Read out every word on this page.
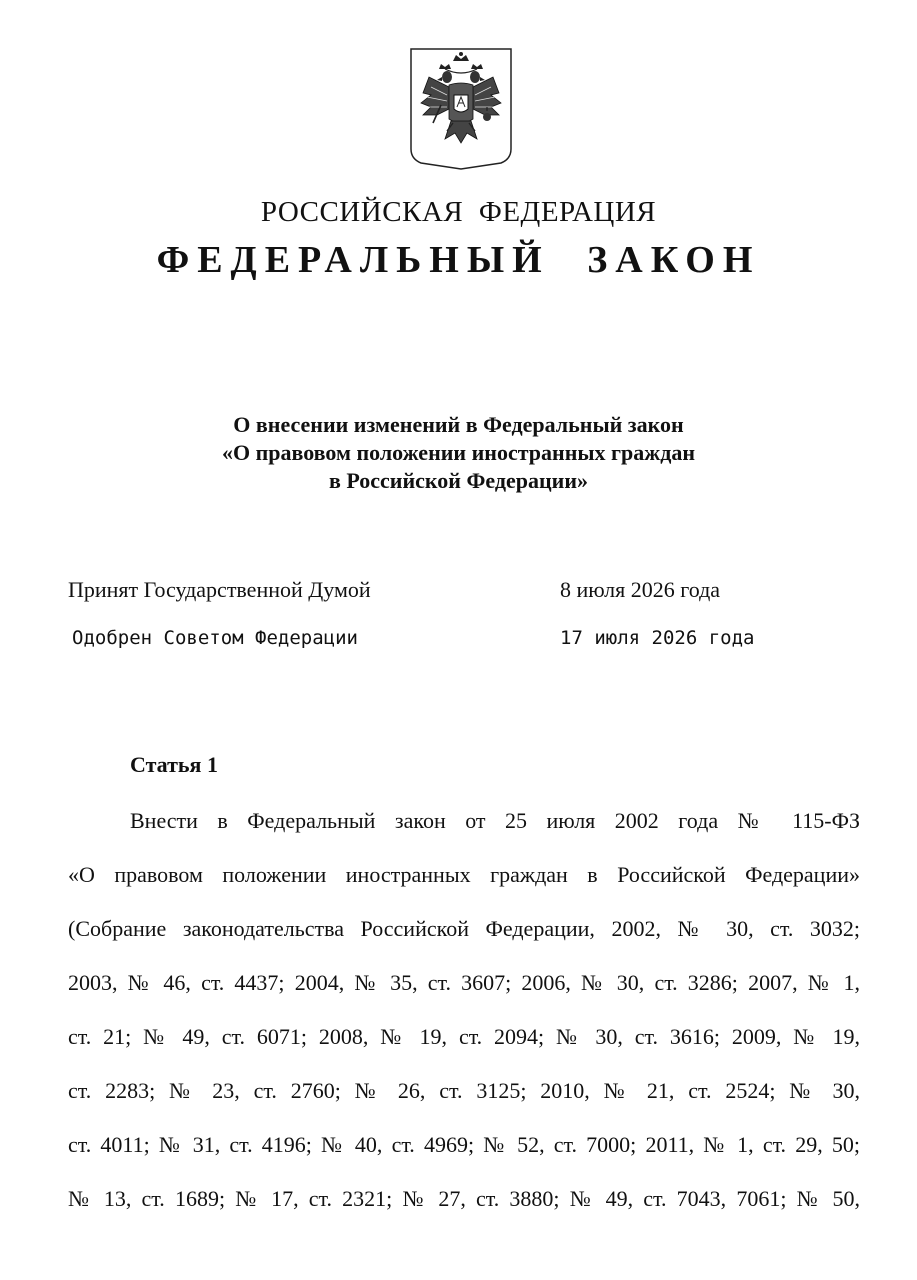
РОССИЙСКАЯ ФЕДЕРАЦИЯ
ФЕДЕРАЛЬНЫЙ ЗАКОН
О внесении изменений в Федеральный закон
«О правовом положении иностранных граждан
в Российской Федерации»
Принят Государственной Думой	8 июля 2026 года
Одобрен Советом Федерации	17 июля 2026 года
Статья 1
Внести в Федеральный закон от 25 июля 2002 года № 115-ФЗ
«О правовом положении иностранных граждан в Российской Федерации»
(Собрание законодательства Российской Федерации, 2002, № 30, ст. 3032;
2003, № 46, ст. 4437; 2004, № 35, ст. 3607; 2006, № 30, ст. 3286; 2007, № 1,
ст. 21; № 49, ст. 6071; 2008, № 19, ст. 2094; № 30, ст. 3616; 2009, № 19,
ст. 2283; № 23, ст. 2760; № 26, ст. 3125; 2010, № 21, ст. 2524; № 30,
ст. 4011; № 31, ст. 4196; № 40, ст. 4969; № 52, ст. 7000; 2011, № 1, ст. 29, 50;
№ 13, ст. 1689; № 17, ст. 2321; № 27, ст. 3880; № 49, ст. 7043, 7061; № 50,
